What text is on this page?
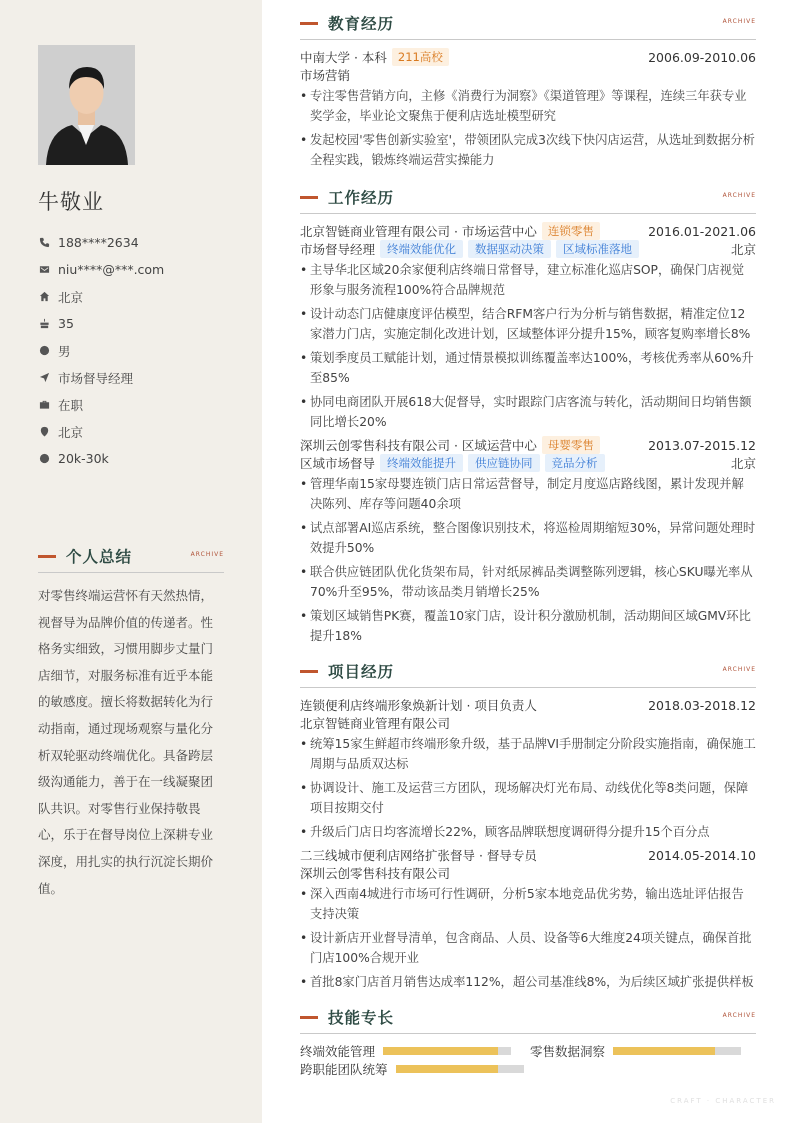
牛敬业
188****2634
niu****@***.com
北京
35
男
市场督导经理
在职
北京
20k-30k
个人总结	ARCHIVE
对零售终端运营怀有天然热情，视督导为品牌价值的传递者。性格务实细致，习惯用脚步丈量门店细节，对服务标准有近乎本能的敏感度。擅长将数据转化为行动指南，通过现场观察与量化分析双轮驱动终端优化。具备跨层级沟通能力，善于在一线凝聚团队共识。对零售行业保持敬畏心，乐于在督导岗位上深耕专业深度，用扎实的执行沉淀长期价值。
教育经历	ARCHIVE
中南大学 · 本科 211高校	2006.09-2010.06
市场营销
• 专注零售营销方向，主修《消费行为洞察》《渠道管理》等课程，连续三年获专业奖学金，毕业论文聚焦于便利店选址模型研究
• 发起校园'零售创新实验室'，带领团队完成3次线下快闪店运营，从选址到数据分析全程实践，锻炼终端运营实操能力
工作经历	ARCHIVE
北京智链商业管理有限公司 · 市场运营中心 连锁零售	2016.01-2021.06
市场督导经理	终端效能优化	数据驱动决策	区域标准落地	北京
• 主导华北区域20余家便利店终端日常督导，建立标准化巡店SOP，确保门店视觉形象与服务流程100%符合品牌规范
• 设计动态门店健康度评估模型，结合RFM客户行为分析与销售数据，精准定位12家潜力门店，实施定制化改进计划，区域整体评分提升15%，顾客复购率增长8%
• 策划季度员工赋能计划，通过情景模拟训练覆盖率达100%，考核优秀率从60%升至85%
• 协同电商团队开展618大促督导，实时跟踪门店客流与转化，活动期间日均销售额同比增长20%
深圳云创零售科技有限公司 · 区域运营中心 母婴零售	2013.07-2015.12
区域市场督导	终端效能提升	供应链协同	竞品分析	北京
• 管理华南15家母婴连锁门店日常运营督导，制定月度巡店路线图，累计发现并解决陈列、库存等问题40余项
• 试点部署AI巡店系统，整合图像识别技术，将巡检周期缩短30%，异常问题处理时效提升50%
• 联合供应链团队优化货架布局，针对纸尿裤品类调整陈列逻辑，核心SKU曝光率从70%升至95%，带动该品类月销增长25%
• 策划区域销售PK赛，覆盖10家门店，设计积分激励机制，活动期间区域GMV环比提升18%
项目经历	ARCHIVE
连锁便利店终端形象焕新计划 · 项目负责人	2018.03-2018.12
北京智链商业管理有限公司
• 统筹15家生鲜超市终端形象升级，基于品牌VI手册制定分阶段实施指南，确保施工周期与品质双达标
• 协调设计、施工及运营三方团队，现场解决灯光布局、动线优化等8类问题，保障项目按期交付
• 升级后门店日均客流增长22%，顾客品牌联想度调研得分提升15个百分点
二三线城市便利店网络扩张督导 · 督导专员	2014.05-2014.10
深圳云创零售科技有限公司
• 深入西南4城进行市场可行性调研，分析5家本地竞品优劣势，输出选址评估报告支持决策
• 设计新店开业督导清单，包含商品、人员、设备等6大维度24项关键点，确保首批门店100%合规开业
• 首批8家门店首月销售达成率112%，超公司基准线8%，为后续区域扩张提供样板
技能专长	ARCHIVE
终端效能管理	零售数据洞察
跨职能团队统筹
CRAFT · CHARACTER
